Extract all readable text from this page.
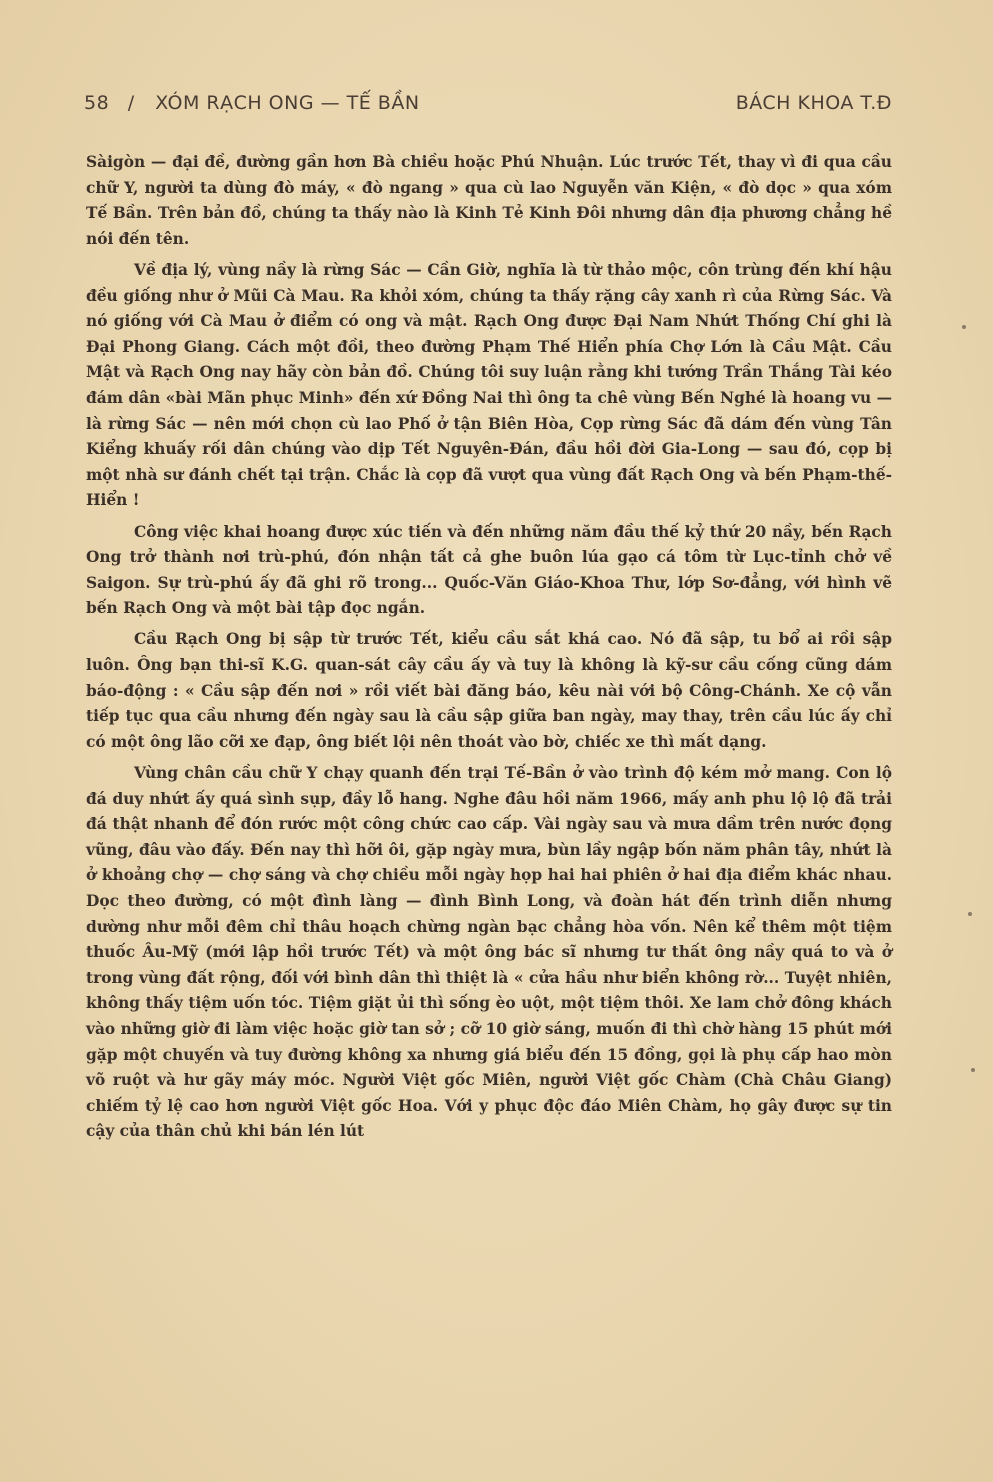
58 / XÓM RẠCH ONG — TẾ BẦN	BÁCH KHOA T.Đ

Sàigòn — đại đề, đường gần hơn Bà chiều hoặc Phú Nhuận. Lúc trước Tết, thay vì đi qua cầu chữ Y, người ta dùng đò máy, « đò ngang » qua cù lao Nguyễn văn Kiện, « đò dọc » qua xóm Tế Bần. Trên bản đồ, chúng ta thấy nào là Kinh Tẻ Kinh Đôi nhưng dân địa phương chẳng hề nói đến tên.

Về địa lý, vùng nầy là rừng Sác — Cần Giờ, nghĩa là từ thảo mộc, côn trùng đến khí hậu đều giống như ở Mũi Cà Mau. Ra khỏi xóm, chúng ta thấy rặng cây xanh rì của Rừng Sác. Và nó giống với Cà Mau ở điểm có ong và mật. Rạch Ong được Đại Nam Nhứt Thống Chí ghi là Đại Phong Giang. Cách một đồi, theo đường Phạm Thế Hiển phía Chợ Lớn là Cầu Mật. Cầu Mật và Rạch Ong nay hãy còn bản đồ. Chúng tôi suy luận rằng khi tướng Trần Thắng Tài kéo đám dân «bài Mãn phục Minh» đến xứ Đồng Nai thì ông ta chê vùng Bến Nghé là hoang vu — là rừng Sác — nên mới chọn cù lao Phố ở tận Biên Hòa, Cọp rừng Sác đã dám đến vùng Tân Kiểng khuấy rối dân chúng vào dịp Tết Nguyên-Đán, đầu hồi đời Gia-Long — sau đó, cọp bị một nhà sư đánh chết tại trận. Chắc là cọp đã vượt qua vùng đất Rạch Ong và bến Phạm-thế-Hiển !

Công việc khai hoang được xúc tiến và đến những năm đầu thế kỷ thứ 20 nầy, bến Rạch Ong trở thành nơi trù-phú, đón nhận tất cả ghe buôn lúa gạo cá tôm từ Lục-tỉnh chở về Saigon. Sự trù-phú ấy đã ghi rõ trong... Quốc-Văn Giáo-Khoa Thư, lớp Sơ-đẳng, với hình vẽ bến Rạch Ong và một bài tập đọc ngắn.

Cầu Rạch Ong bị sập từ trước Tết, kiểu cầu sắt khá cao. Nó đã sập, tu bổ ai rồi sập luôn. Ông bạn thi-sĩ K.G. quan-sát cây cầu ấy và tuy là không là kỹ-sư cầu cống cũng dám báo-động : « Cầu sập đến nơi » rồi viết bài đăng báo, kêu nài với bộ Công-Chánh. Xe cộ vẫn tiếp tục qua cầu nhưng đến ngày sau là cầu sập giữa ban ngày, may thay, trên cầu lúc ấy chỉ có một ông lão cỡi xe đạp, ông biết lội nên thoát vào bờ, chiếc xe thì mất dạng.

Vùng chân cầu chữ Y chạy quanh đến trại Tế-Bần ở vào trình độ kém mở mang. Con lộ đá duy nhứt ấy quá sình sụp, đầy lỗ hang. Nghe đâu hồi năm 1966, mấy anh phu lộ lộ đã trải đá thật nhanh để đón rước một công chức cao cấp. Vài ngày sau và mưa dầm trên nước đọng vũng, đâu vào đấy. Đến nay thì hỡi ôi, gặp ngày mưa, bùn lầy ngập bốn năm phân tây, nhứt là ở khoảng chợ — chợ sáng và chợ chiều mỗi ngày họp hai hai phiên ở hai địa điểm khác nhau. Dọc theo đường, có một đình làng — đình Bình Long, và đoàn hát đến trình diễn nhưng dường như mỗi đêm chỉ thâu hoạch chừng ngàn bạc chẳng hòa vốn. Nên kể thêm một tiệm thuốc Âu-Mỹ (mới lập hồi trước Tết) và một ông bác sĩ nhưng tư thất ông nầy quá to và ở trong vùng đất rộng, đối với bình dân thì thiệt là « cửa hầu như biển không rờ... Tuyệt nhiên, không thấy tiệm uốn tóc. Tiệm giặt ủi thì sống èo uột, một tiệm thôi. Xe lam chở đông khách vào những giờ đi làm việc hoặc giờ tan sở ; cỡ 10 giờ sáng, muốn đi thì chờ hàng 15 phút mới gặp một chuyến và tuy đường không xa nhưng giá biểu đến 15 đồng, gọi là phụ cấp hao mòn võ ruột và hư gãy máy móc. Người Việt gốc Miên, người Việt gốc Chàm (Chà Châu Giang) chiếm tỷ lệ cao hơn người Việt gốc Hoa. Với y phục độc đáo Miên Chàm, họ gây được sự tin cậy của thân chủ khi bán lén lút
